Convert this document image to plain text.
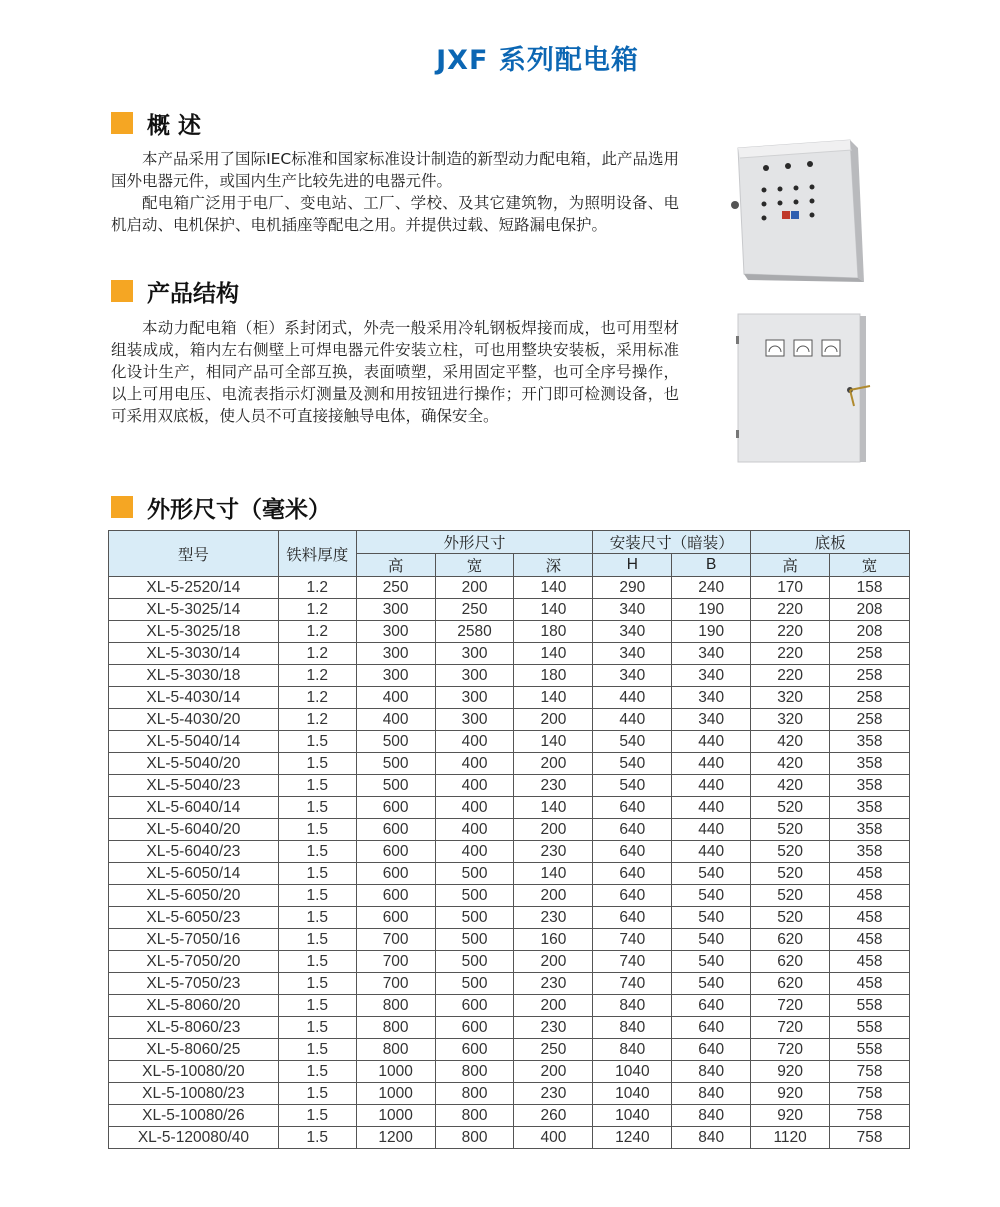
JXF 系列配电箱
概 述

本产品采用了国际IEC标准和国家标准设计制造的新型动力配电箱，此产品选用国外电器元件，或国内生产比较先进的电器元件。

配电箱广泛用于电厂、变电站、工厂、学校、及其它建筑物，为照明设备、电机启动、电机保护、电机插座等配电之用。并提供过载、短路漏电保护。

产品结构

本动力配电箱（柜）系封闭式，外壳一般采用冷轧钢板焊接而成，也可用型材组装成成，箱内左右侧壁上可焊电器元件安装立柱，可也用整块安装板，采用标准化设计生产，相同产品可全部互换，表面喷塑，采用固定平整，也可全序号操作，以上可用电压、电流表指示灯测量及测和用按钮进行操作；开门即可检测设备，也可采用双底板，使人员不可直接接触导电体，确保安全。

外形尺寸（毫米）
型号	铁料厚度	外形尺寸			安装尺寸（暗装）		底板	
		高	宽	深	H	B	高	宽
XL-5-2520/14	1.2	250	200	140	290	240	170	158
XL-5-3025/14	1.2	300	250	140	340	190	220	208
XL-5-3025/18	1.2	300	2580	180	340	190	220	208
XL-5-3030/14	1.2	300	300	140	340	340	220	258
XL-5-3030/18	1.2	300	300	180	340	340	220	258
XL-5-4030/14	1.2	400	300	140	440	340	320	258
XL-5-4030/20	1.2	400	300	200	440	340	320	258
XL-5-5040/14	1.5	500	400	140	540	440	420	358
XL-5-5040/20	1.5	500	400	200	540	440	420	358
XL-5-5040/23	1.5	500	400	230	540	440	420	358
XL-5-6040/14	1.5	600	400	140	640	440	520	358
XL-5-6040/20	1.5	600	400	200	640	440	520	358
XL-5-6040/23	1.5	600	400	230	640	440	520	358
XL-5-6050/14	1.5	600	500	140	640	540	520	458
XL-5-6050/20	1.5	600	500	200	640	540	520	458
XL-5-6050/23	1.5	600	500	230	640	540	520	458
XL-5-7050/16	1.5	700	500	160	740	540	620	458
XL-5-7050/20	1.5	700	500	200	740	540	620	458
XL-5-7050/23	1.5	700	500	230	740	540	620	458
XL-5-8060/20	1.5	800	600	200	840	640	720	558
XL-5-8060/23	1.5	800	600	230	840	640	720	558
XL-5-8060/25	1.5	800	600	250	840	640	720	558
XL-5-10080/20	1.5	1000	800	200	1040	840	920	758
XL-5-10080/23	1.5	1000	800	230	1040	840	920	758
XL-5-10080/26	1.5	1000	800	260	1040	840	920	758
XL-5-120080/40	1.5	1200	800	400	1240	840	1120	758
